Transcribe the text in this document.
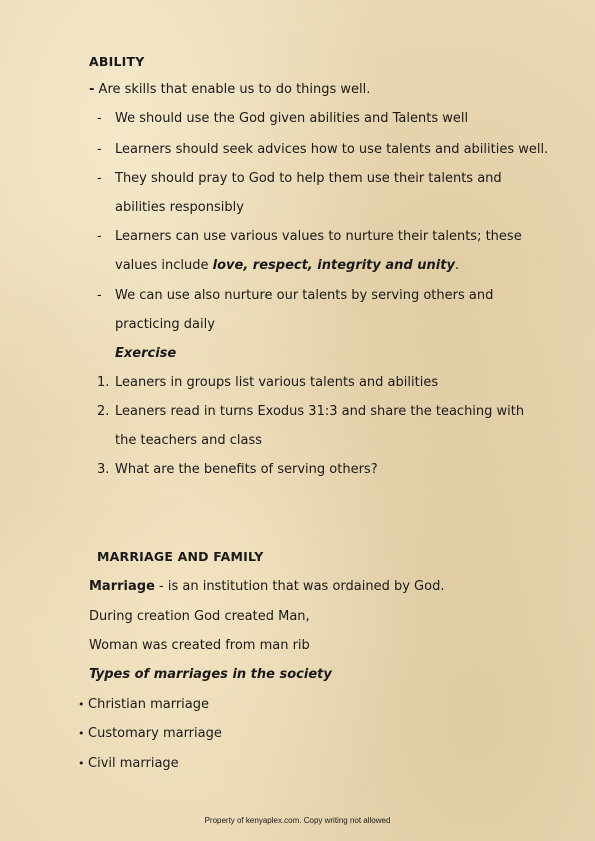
ABILITY
- Are skills that enable us to do things well.
- We should use the God given abilities and Talents well
- Learners should seek advices how to use talents and abilities well.
- They should pray to God to help them use their talents and
abilities responsibly
- Learners can use various values to nurture their talents; these
values include love, respect, integrity and unity.
- We can use also nurture our talents by serving others and
practicing daily
Exercise
1. Leaners in groups list various talents and abilities
2. Leaners read in turns Exodus 31:3 and share the teaching with
the teachers and class
3. What are the benefits of serving others?
MARRIAGE AND FAMILY
Marriage - is an institution that was ordained by God.
During creation God created Man,
Woman was created from man rib
Types of marriages in the society
• Christian marriage
• Customary marriage
• Civil marriage
Property of kenyaplex.com. Copy writing not allowed
